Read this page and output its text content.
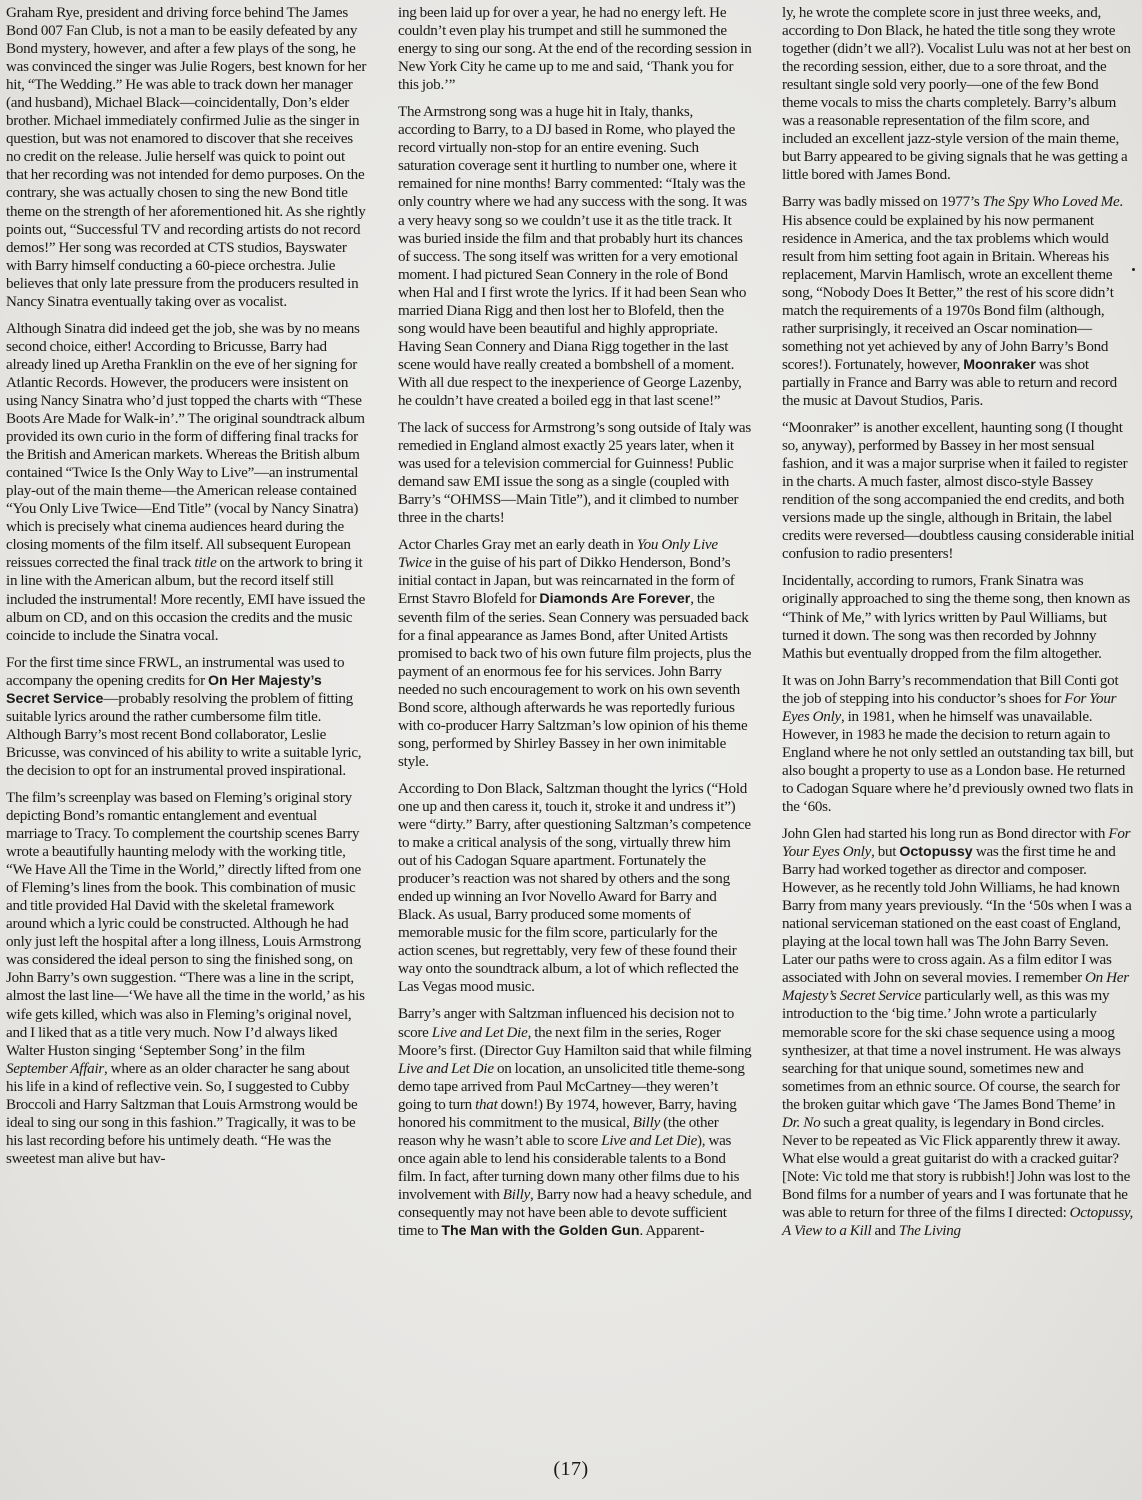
Graham Rye, president and driving force behind The James Bond 007 Fan Club, is not a man to be easily defeated by any Bond mystery, however, and after a few plays of the song, he was convinced the singer was Julie Rogers, best known for her hit, “The Wedding.” He was able to track down her manager (and husband), Michael Black—coincidentally, Don’s elder brother. Michael immediately confirmed Julie as the singer in question, but was not enamored to discover that she receives no credit on the release. Julie herself was quick to point out that her recording was not intended for demo purposes. On the contrary, she was actually chosen to sing the new Bond title theme on the strength of her aforementioned hit. As she rightly points out, “Successful TV and recording artists do not record demos!” Her song was recorded at CTS studios, Bayswater with Barry himself conducting a 60-piece orchestra. Julie believes that only late pressure from the producers resulted in Nancy Sinatra eventually taking over as vocalist.

Although Sinatra did indeed get the job, she was by no means second choice, either! According to Bricusse, Barry had already lined up Aretha Franklin on the eve of her signing for Atlantic Records. However, the producers were insistent on using Nancy Sinatra who’d just topped the charts with “These Boots Are Made for Walk-in’.” The original soundtrack album provided its own curio in the form of differing final tracks for the British and American markets. Whereas the British album contained “Twice Is the Only Way to Live”—an instrumental play-out of the main theme—the American release contained “You Only Live Twice—End Title” (vocal by Nancy Sinatra) which is precisely what cinema audiences heard during the closing moments of the film itself. All subsequent European reissues corrected the final track title on the artwork to bring it in line with the American album, but the record itself still included the instrumental! More recently, EMI have issued the album on CD, and on this occasion the credits and the music coincide to include the Sinatra vocal.

For the first time since FRWL, an instrumental was used to accompany the opening credits for On Her Majesty’s Secret Service—probably resolving the problem of fitting suitable lyrics around the rather cumbersome film title. Although Barry’s most recent Bond collaborator, Leslie Bricusse, was convinced of his ability to write a suitable lyric, the decision to opt for an instrumental proved inspirational.

The film’s screenplay was based on Fleming’s original story depicting Bond’s romantic entanglement and eventual marriage to Tracy. To complement the courtship scenes Barry wrote a beautifully haunting melody with the working title, “We Have All the Time in the World,” directly lifted from one of Fleming’s lines from the book. This combination of music and title provided Hal David with the skeletal framework around which a lyric could be constructed. Although he had only just left the hospital after a long illness, Louis Armstrong was considered the ideal person to sing the finished song, on John Barry’s own suggestion. “There was a line in the script, almost the last line—‘We have all the time in the world,’ as his wife gets killed, which was also in Fleming’s original novel, and I liked that as a title very much. Now I’d always liked Walter Huston singing ‘September Song’ in the film September Affair, where as an older character he sang about his life in a kind of reflective vein. So, I suggested to Cubby Broccoli and Harry Saltzman that Louis Armstrong would be ideal to sing our song in this fashion.” Tragically, it was to be his last recording before his untimely death. “He was the sweetest man alive but hav-

ing been laid up for over a year, he had no energy left. He couldn’t even play his trumpet and still he summoned the energy to sing our song. At the end of the recording session in New York City he came up to me and said, ‘Thank you for this job.’”

The Armstrong song was a huge hit in Italy, thanks, according to Barry, to a DJ based in Rome, who played the record virtually non-stop for an entire evening. Such saturation coverage sent it hurtling to number one, where it remained for nine months! Barry commented: “Italy was the only country where we had any success with the song. It was a very heavy song so we couldn’t use it as the title track. It was buried inside the film and that probably hurt its chances of success. The song itself was written for a very emotional moment. I had pictured Sean Connery in the role of Bond when Hal and I first wrote the lyrics. If it had been Sean who married Diana Rigg and then lost her to Blofeld, then the song would have been beautiful and highly appropriate. Having Sean Connery and Diana Rigg together in the last scene would have really created a bombshell of a moment. With all due respect to the inexperience of George Lazenby, he couldn’t have created a boiled egg in that last scene!”

The lack of success for Armstrong’s song outside of Italy was remedied in England almost exactly 25 years later, when it was used for a television commercial for Guinness! Public demand saw EMI issue the song as a single (coupled with Barry’s “OHMSS—Main Title”), and it climbed to number three in the charts!

Actor Charles Gray met an early death in You Only Live Twice in the guise of his part of Dikko Henderson, Bond’s initial contact in Japan, but was reincarnated in the form of Ernst Stavro Blofeld for Diamonds Are Forever, the seventh film of the series. Sean Connery was persuaded back for a final appearance as James Bond, after United Artists promised to back two of his own future film projects, plus the payment of an enormous fee for his services. John Barry needed no such encouragement to work on his own seventh Bond score, although afterwards he was reportedly furious with co-producer Harry Saltzman’s low opinion of his theme song, performed by Shirley Bassey in her own inimitable style.

According to Don Black, Saltzman thought the lyrics (“Hold one up and then caress it, touch it, stroke it and undress it”) were “dirty.” Barry, after questioning Saltzman’s competence to make a critical analysis of the song, virtually threw him out of his Cadogan Square apartment. Fortunately the producer’s reaction was not shared by others and the song ended up winning an Ivor Novello Award for Barry and Black. As usual, Barry produced some moments of memorable music for the film score, particularly for the action scenes, but regrettably, very few of these found their way onto the soundtrack album, a lot of which reflected the Las Vegas mood music.

Barry’s anger with Saltzman influenced his decision not to score Live and Let Die, the next film in the series, Roger Moore’s first. (Director Guy Hamilton said that while filming Live and Let Die on location, an unsolicited title theme-song demo tape arrived from Paul McCartney—they weren’t going to turn that down!) By 1974, however, Barry, having honored his commitment to the musical, Billy (the other reason why he wasn’t able to score Live and Let Die), was once again able to lend his considerable talents to a Bond film. In fact, after turning down many other films due to his involvement with Billy, Barry now had a heavy schedule, and consequently may not have been able to devote sufficient time to The Man with the Golden Gun. Apparent-

ly, he wrote the complete score in just three weeks, and, according to Don Black, he hated the title song they wrote together (didn’t we all?). Vocalist Lulu was not at her best on the recording session, either, due to a sore throat, and the resultant single sold very poorly—one of the few Bond theme vocals to miss the charts completely. Barry’s album was a reasonable representation of the film score, and included an excellent jazz-style version of the main theme, but Barry appeared to be giving signals that he was getting a little bored with James Bond.

Barry was badly missed on 1977’s The Spy Who Loved Me. His absence could be explained by his now permanent residence in America, and the tax problems which would result from him setting foot again in Britain. Whereas his replacement, Marvin Hamlisch, wrote an excellent theme song, “Nobody Does It Better,” the rest of his score didn’t match the requirements of a 1970s Bond film (although, rather surprisingly, it received an Oscar nomination—something not yet achieved by any of John Barry’s Bond scores!). Fortunately, however, Moonraker was shot partially in France and Barry was able to return and record the music at Davout Studios, Paris.

“Moonraker” is another excellent, haunting song (I thought so, anyway), performed by Bassey in her most sensual fashion, and it was a major surprise when it failed to register in the charts. A much faster, almost disco-style Bassey rendition of the song accompanied the end credits, and both versions made up the single, although in Britain, the label credits were reversed—doubtless causing considerable initial confusion to radio presenters!

Incidentally, according to rumors, Frank Sinatra was originally approached to sing the theme song, then known as “Think of Me,” with lyrics written by Paul Williams, but turned it down. The song was then recorded by Johnny Mathis but eventually dropped from the film altogether.

It was on John Barry’s recommendation that Bill Conti got the job of stepping into his conductor’s shoes for For Your Eyes Only, in 1981, when he himself was unavailable. However, in 1983 he made the decision to return again to England where he not only settled an outstanding tax bill, but also bought a property to use as a London base. He returned to Cadogan Square where he’d previously owned two flats in the ‘60s.

John Glen had started his long run as Bond director with For Your Eyes Only, but Octopussy was the first time he and Barry had worked together as director and composer. However, as he recently told John Williams, he had known Barry from many years previously. “In the ‘50s when I was a national serviceman stationed on the east coast of England, playing at the local town hall was The John Barry Seven. Later our paths were to cross again. As a film editor I was associated with John on several movies. I remember On Her Majesty’s Secret Service particularly well, as this was my introduction to the ‘big time.’ John wrote a particularly memorable score for the ski chase sequence using a moog synthesizer, at that time a novel instrument. He was always searching for that unique sound, sometimes new and sometimes from an ethnic source. Of course, the search for the broken guitar which gave ‘The James Bond Theme’ in Dr. No such a great quality, is legendary in Bond circles. Never to be repeated as Vic Flick apparently threw it away. What else would a great guitarist do with a cracked guitar? [Note: Vic told me that story is rubbish!] John was lost to the Bond films for a number of years and I was fortunate that he was able to return for three of the films I directed: Octopussy, A View to a Kill and The Living

(17)
